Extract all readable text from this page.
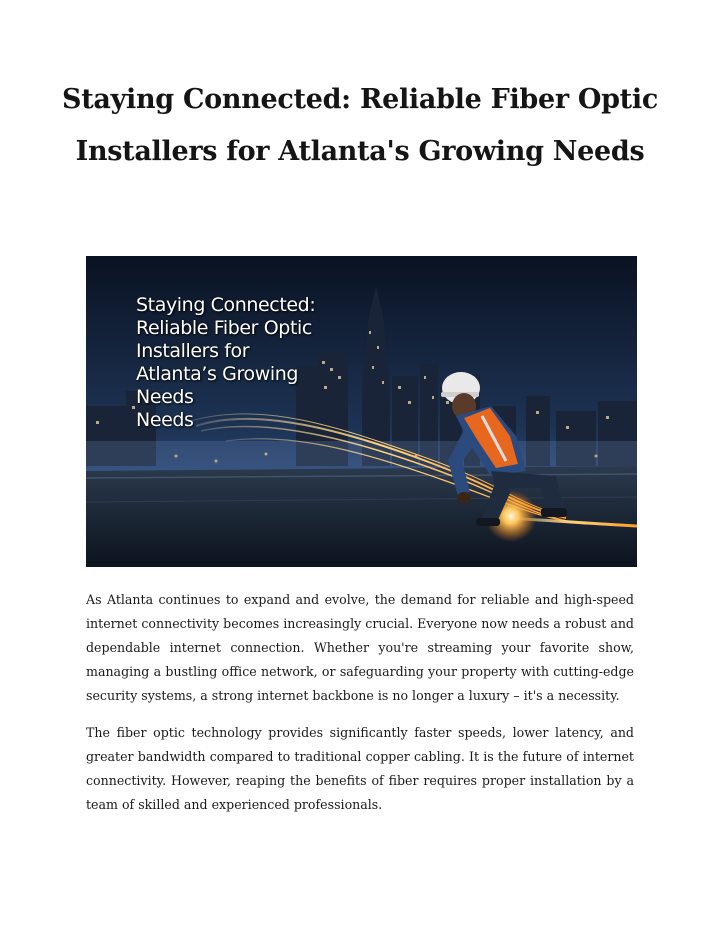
Staying Connected: Reliable Fiber Optic Installers for Atlanta's Growing Needs
Staying Connected:
Reliable Fiber Optic
Installers for
Atlanta’s Growing
Needs
Needs

As Atlanta continues to expand and evolve, the demand for reliable and high-speed internet connectivity becomes increasingly crucial. Everyone now needs a robust and dependable internet connection. Whether you're streaming your favorite show, managing a bustling office network, or safeguarding your property with cutting-edge security systems, a strong internet backbone is no longer a luxury – it's a necessity.

The fiber optic technology provides significantly faster speeds, lower latency, and greater bandwidth compared to traditional copper cabling. It is the future of internet connectivity. However, reaping the benefits of fiber requires proper installation by a team of skilled and experienced professionals.
